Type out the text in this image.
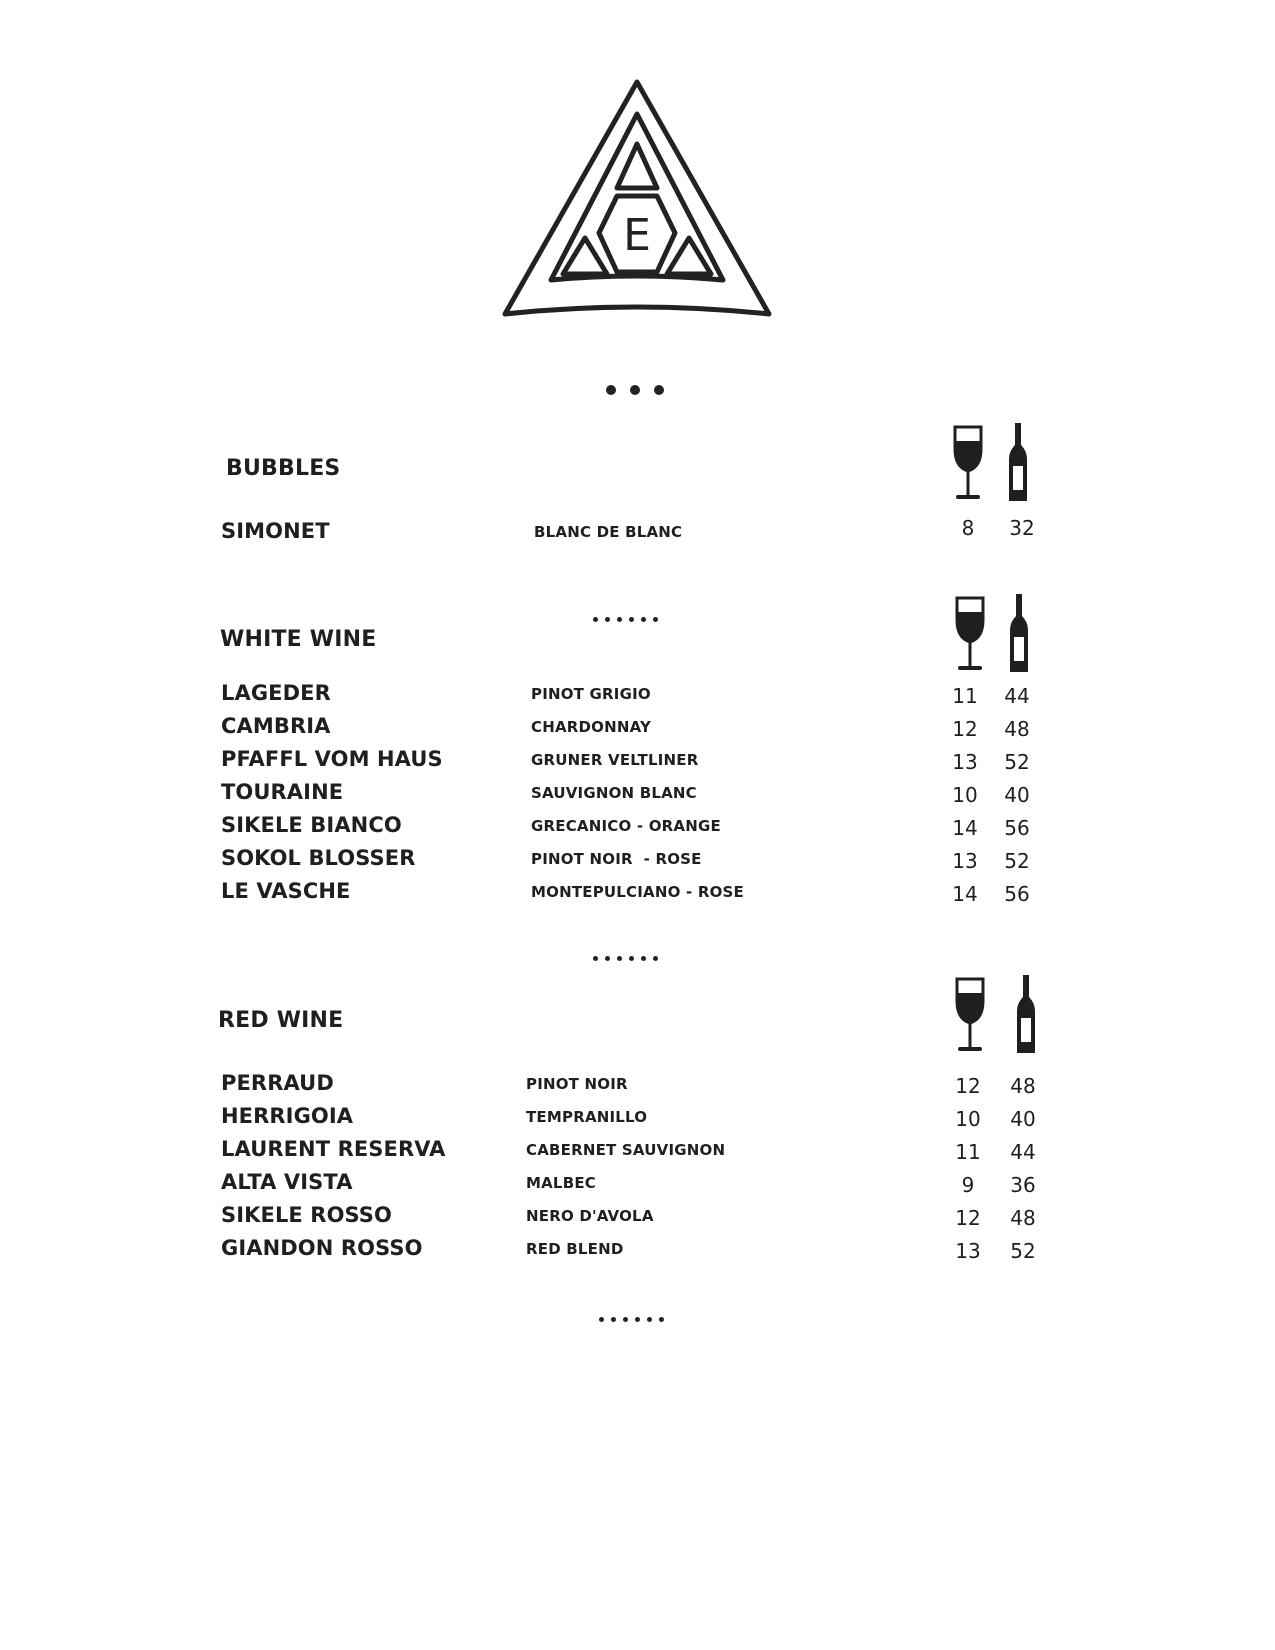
E
BUBBLES
SIMONET	BLANC DE BLANC	8	32
WHITE WINE
LAGEDER	PINOT GRIGIO	11	44
CAMBRIA	CHARDONNAY	12	48
PFAFFL VOM HAUS	GRUNER VELTLINER	13	52
TOURAINE	SAUVIGNON BLANC	10	40
SIKELE BIANCO	GRECANICO - ORANGE	14	56
SOKOL BLOSSER	PINOT NOIR  - ROSE	13	52
LE VASCHE	MONTEPULCIANO - ROSE	14	56
RED WINE
PERRAUD	PINOT NOIR	12	48
HERRIGOIA	TEMPRANILLO	10	40
LAURENT RESERVA	CABERNET SAUVIGNON	11	44
ALTA VISTA	MALBEC	9	36
SIKELE ROSSO	NERO D'AVOLA	12	48
GIANDON ROSSO	RED BLEND	13	52
